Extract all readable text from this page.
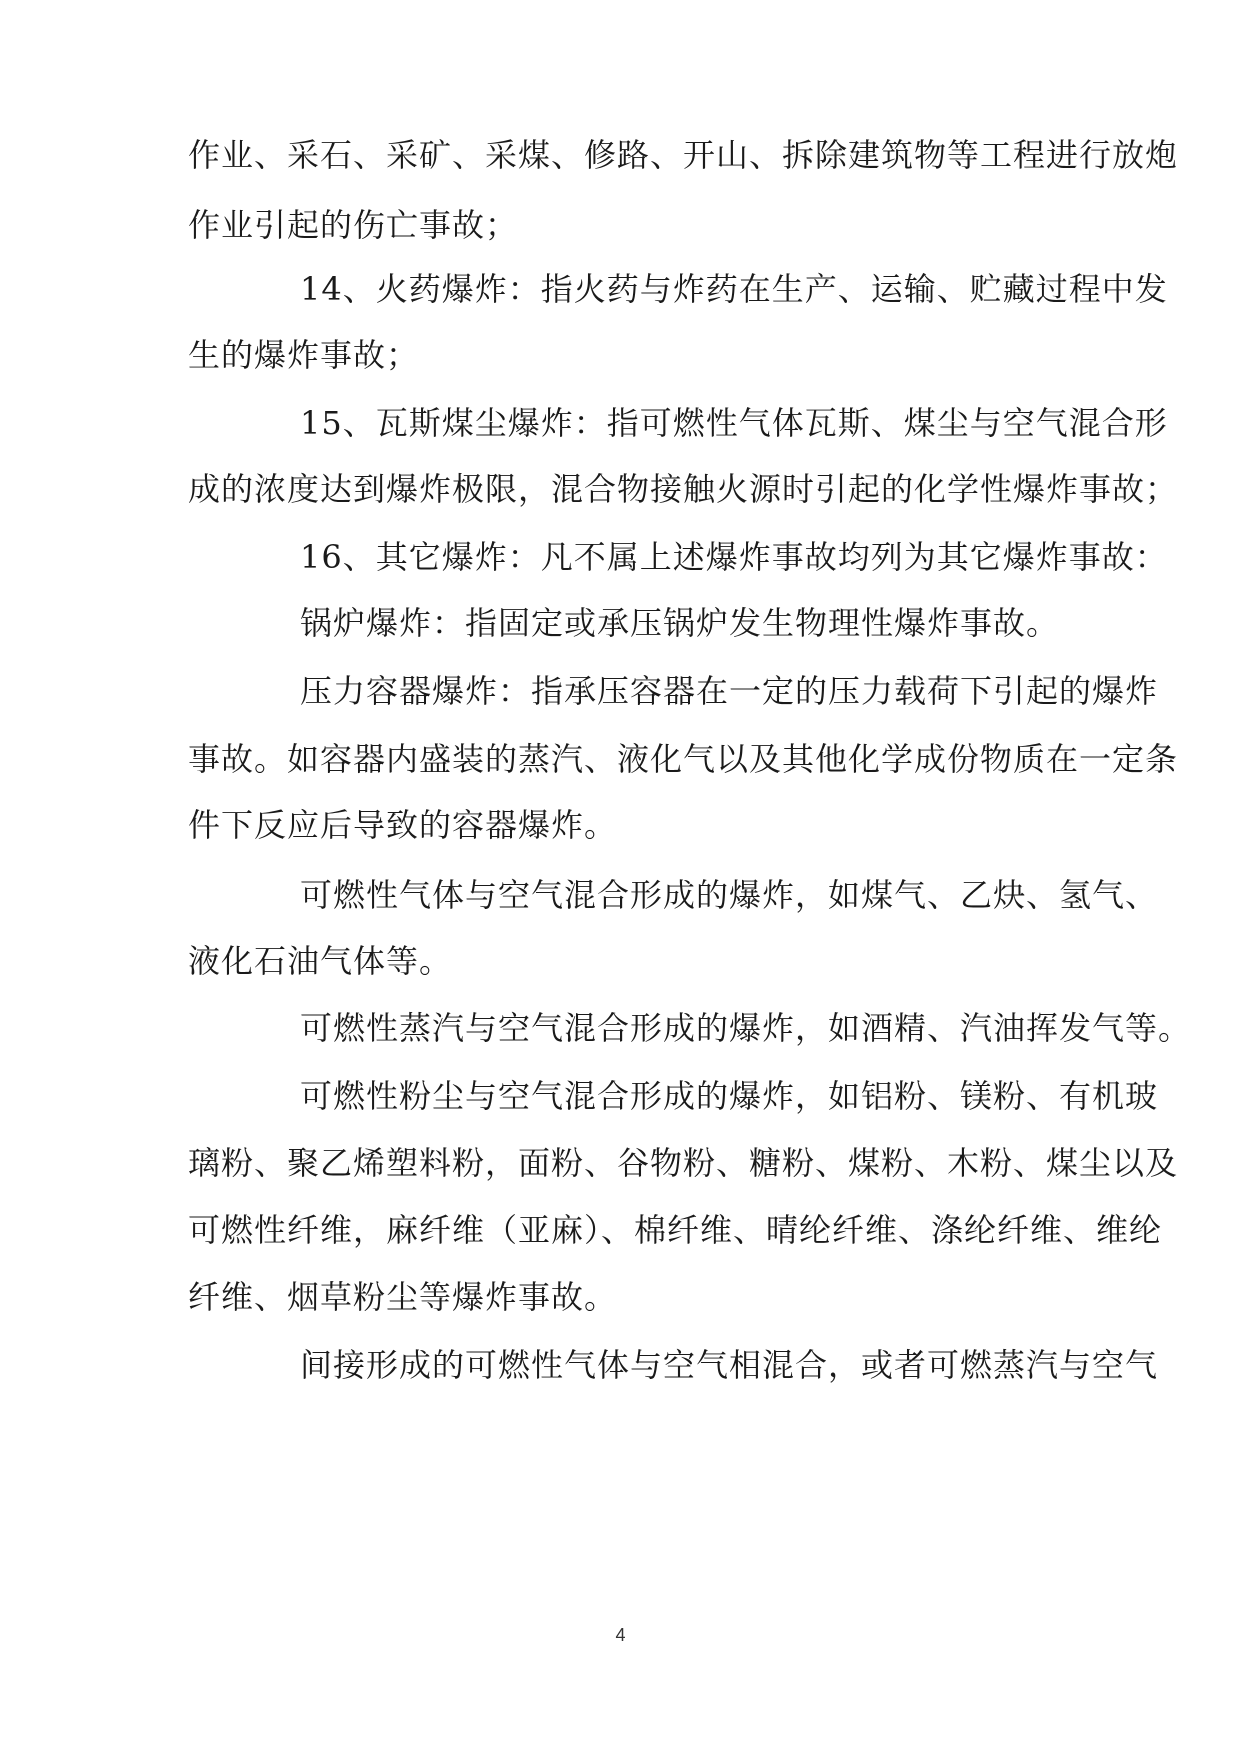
作业、采石、采矿、采煤、修路、开山、拆除建筑物等工程进行放炮
作业引起的伤亡事故；
14、火药爆炸：指火药与炸药在生产、运输、贮藏过程中发
生的爆炸事故；
15、瓦斯煤尘爆炸：指可燃性气体瓦斯、煤尘与空气混合形
成的浓度达到爆炸极限，混合物接触火源时引起的化学性爆炸事故；
16、其它爆炸：凡不属上述爆炸事故均列为其它爆炸事故：
锅炉爆炸：指固定或承压锅炉发生物理性爆炸事故。
压力容器爆炸：指承压容器在一定的压力载荷下引起的爆炸
事故。如容器内盛装的蒸汽、液化气以及其他化学成份物质在一定条
件下反应后导致的容器爆炸。
可燃性气体与空气混合形成的爆炸，如煤气、乙炔、氢气、
液化石油气体等。
可燃性蒸汽与空气混合形成的爆炸，如酒精、汽油挥发气等。
可燃性粉尘与空气混合形成的爆炸，如铝粉、镁粉、有机玻
璃粉、聚乙烯塑料粉，面粉、谷物粉、糖粉、煤粉、木粉、煤尘以及
可燃性纤维，麻纤维（亚麻）、棉纤维、晴纶纤维、涤纶纤维、维纶
纤维、烟草粉尘等爆炸事故。
间接形成的可燃性气体与空气相混合，或者可燃蒸汽与空气
4
